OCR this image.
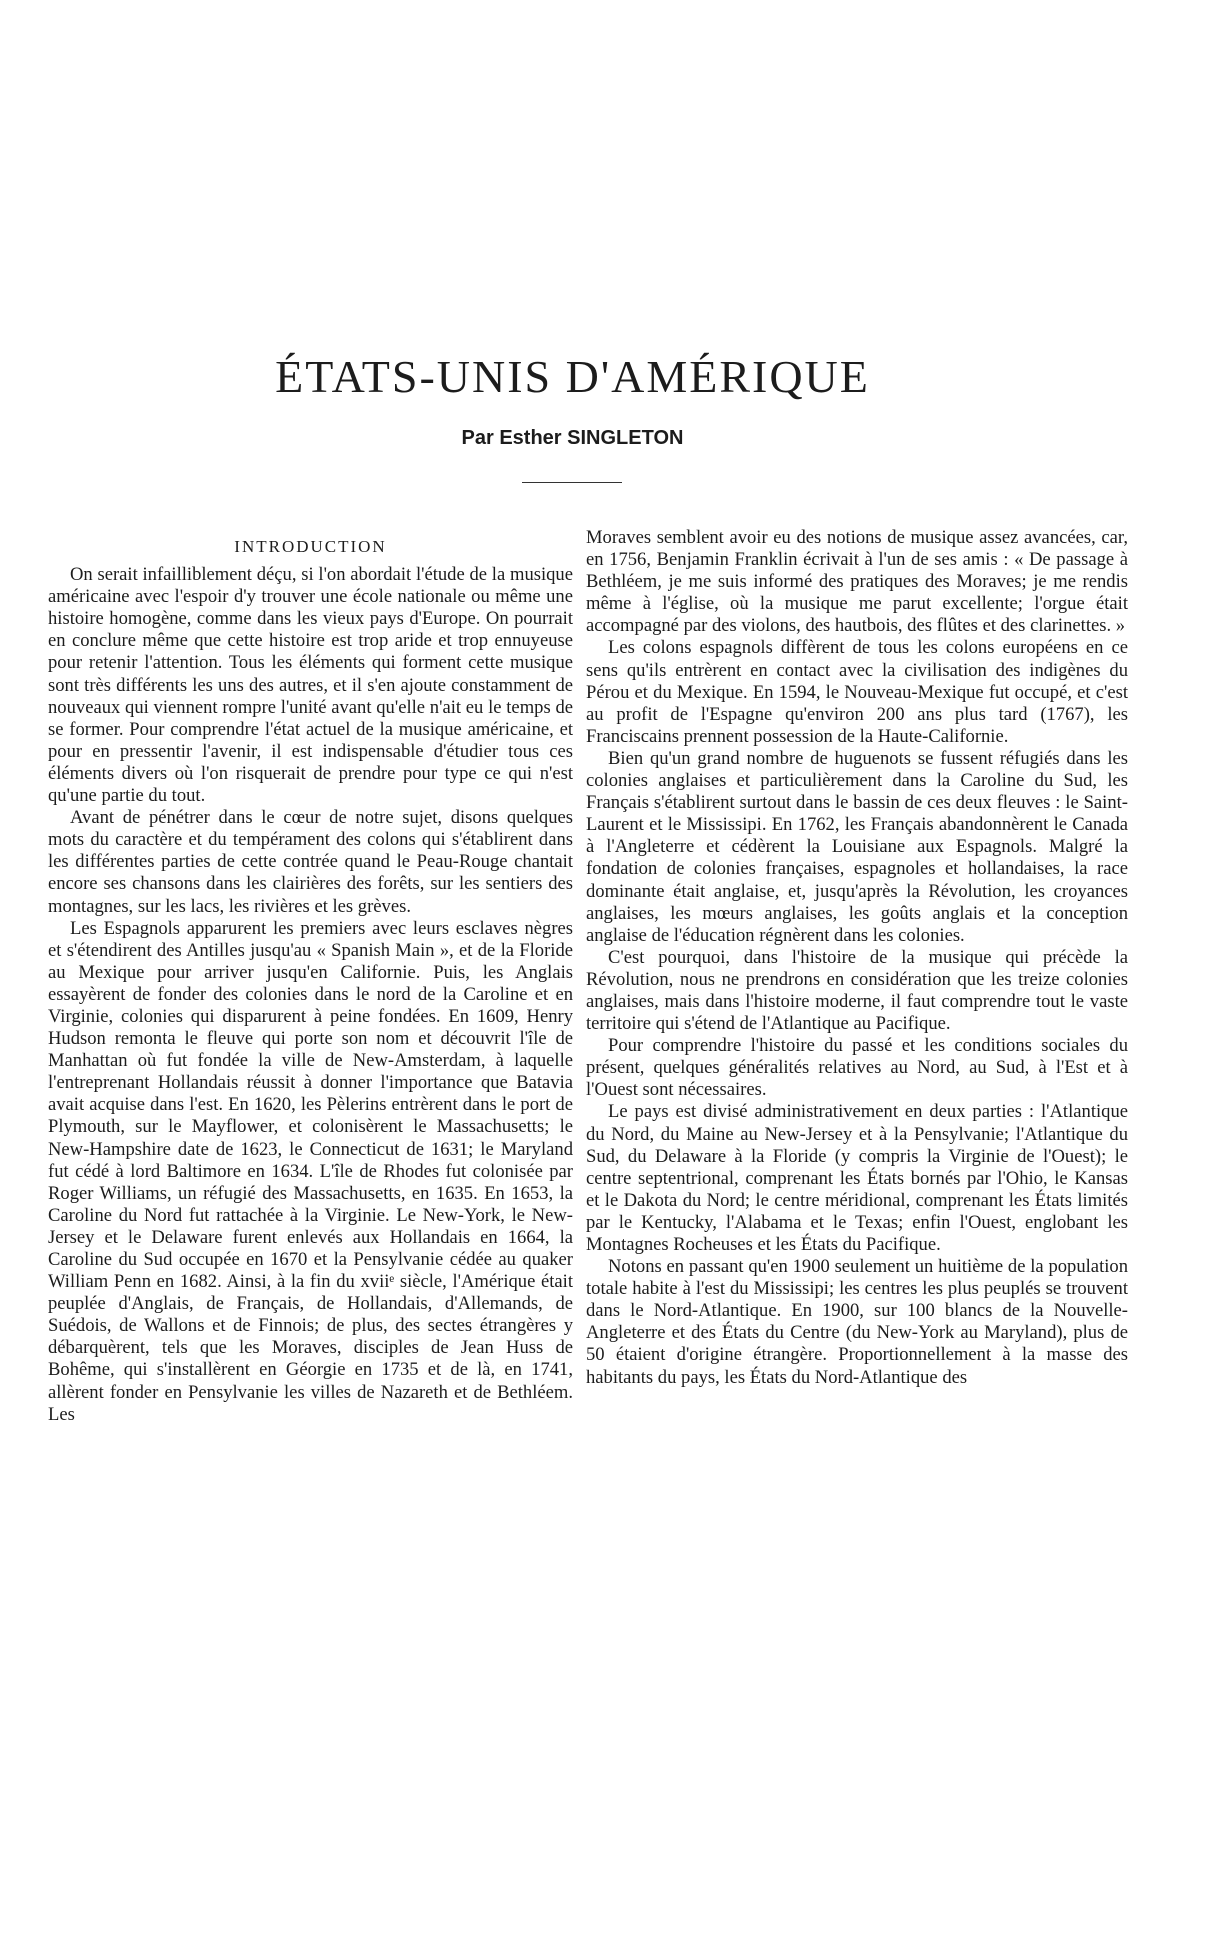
ÉTATS-UNIS D'AMÉRIQUE
Par Esther SINGLETON
INTRODUCTION

On serait infailliblement déçu, si l'on abordait l'étude de la musique américaine avec l'espoir d'y trouver une école nationale ou même une histoire homogène, comme dans les vieux pays d'Europe. On pourrait en conclure même que cette histoire est trop aride et trop ennuyeuse pour retenir l'attention. Tous les éléments qui forment cette musique sont très différents les uns des autres, et il s'en ajoute constamment de nouveaux qui viennent rompre l'unité avant qu'elle n'ait eu le temps de se former. Pour comprendre l'état actuel de la musique américaine, et pour en pressentir l'avenir, il est indispensable d'étudier tous ces éléments divers où l'on risquerait de prendre pour type ce qui n'est qu'une partie du tout.

Avant de pénétrer dans le cœur de notre sujet, disons quelques mots du caractère et du tempérament des colons qui s'établirent dans les différentes parties de cette contrée quand le Peau-Rouge chantait encore ses chansons dans les clairières des forêts, sur les sentiers des montagnes, sur les lacs, les rivières et les grèves.

Les Espagnols apparurent les premiers avec leurs esclaves nègres et s'étendirent des Antilles jusqu'au « Spanish Main », et de la Floride au Mexique pour arriver jusqu'en Californie. Puis, les Anglais essayèrent de fonder des colonies dans le nord de la Caroline et en Virginie, colonies qui disparurent à peine fondées. En 1609, Henry Hudson remonta le fleuve qui porte son nom et découvrit l'île de Manhattan où fut fondée la ville de New-Amsterdam, à laquelle l'entreprenant Hollandais réussit à donner l'importance que Batavia avait acquise dans l'est. En 1620, les Pèlerins entrèrent dans le port de Plymouth, sur le Mayflower, et colonisèrent le Massachusetts; le New-Hampshire date de 1623, le Connecticut de 1631; le Maryland fut cédé à lord Baltimore en 1634. L'île de Rhodes fut colonisée par Roger Williams, un réfugié des Massachusetts, en 1635. En 1653, la Caroline du Nord fut rattachée à la Virginie. Le New-York, le New-Jersey et le Delaware furent enlevés aux Hollandais en 1664, la Caroline du Sud occupée en 1670 et la Pensylvanie cédée au quaker William Penn en 1682. Ainsi, à la fin du xviiᵉ siècle, l'Amérique était peuplée d'Anglais, de Français, de Hollandais, d'Allemands, de Suédois, de Wallons et de Finnois; de plus, des sectes étrangères y débarquèrent, tels que les Moraves, disciples de Jean Huss de Bohême, qui s'installèrent en Géorgie en 1735 et de là, en 1741, allèrent fonder en Pensylvanie les villes de Nazareth et de Bethléem. Les

Moraves semblent avoir eu des notions de musique assez avancées, car, en 1756, Benjamin Franklin écrivait à l'un de ses amis : « De passage à Bethléem, je me suis informé des pratiques des Moraves; je me rendis même à l'église, où la musique me parut excellente; l'orgue était accompagné par des violons, des hautbois, des flûtes et des clarinettes. »

Les colons espagnols diffèrent de tous les colons européens en ce sens qu'ils entrèrent en contact avec la civilisation des indigènes du Pérou et du Mexique. En 1594, le Nouveau-Mexique fut occupé, et c'est au profit de l'Espagne qu'environ 200 ans plus tard (1767), les Franciscains prennent possession de la Haute-Californie.

Bien qu'un grand nombre de huguenots se fussent réfugiés dans les colonies anglaises et particulièrement dans la Caroline du Sud, les Français s'établirent surtout dans le bassin de ces deux fleuves : le Saint-Laurent et le Mississipi. En 1762, les Français abandonnèrent le Canada à l'Angleterre et cédèrent la Louisiane aux Espagnols. Malgré la fondation de colonies françaises, espagnoles et hollandaises, la race dominante était anglaise, et, jusqu'après la Révolution, les croyances anglaises, les mœurs anglaises, les goûts anglais et la conception anglaise de l'éducation régnèrent dans les colonies.

C'est pourquoi, dans l'histoire de la musique qui précède la Révolution, nous ne prendrons en considération que les treize colonies anglaises, mais dans l'histoire moderne, il faut comprendre tout le vaste territoire qui s'étend de l'Atlantique au Pacifique.

Pour comprendre l'histoire du passé et les conditions sociales du présent, quelques généralités relatives au Nord, au Sud, à l'Est et à l'Ouest sont nécessaires.

Le pays est divisé administrativement en deux parties : l'Atlantique du Nord, du Maine au New-Jersey et à la Pensylvanie; l'Atlantique du Sud, du Delaware à la Floride (y compris la Virginie de l'Ouest); le centre septentrional, comprenant les États bornés par l'Ohio, le Kansas et le Dakota du Nord; le centre méridional, comprenant les États limités par le Kentucky, l'Alabama et le Texas; enfin l'Ouest, englobant les Montagnes Rocheuses et les États du Pacifique.

Notons en passant qu'en 1900 seulement un huitième de la population totale habite à l'est du Mississipi; les centres les plus peuplés se trouvent dans le Nord-Atlantique. En 1900, sur 100 blancs de la Nouvelle-Angleterre et des États du Centre (du New-York au Maryland), plus de 50 étaient d'origine étrangère. Proportionnellement à la masse des habitants du pays, les États du Nord-Atlantique des
